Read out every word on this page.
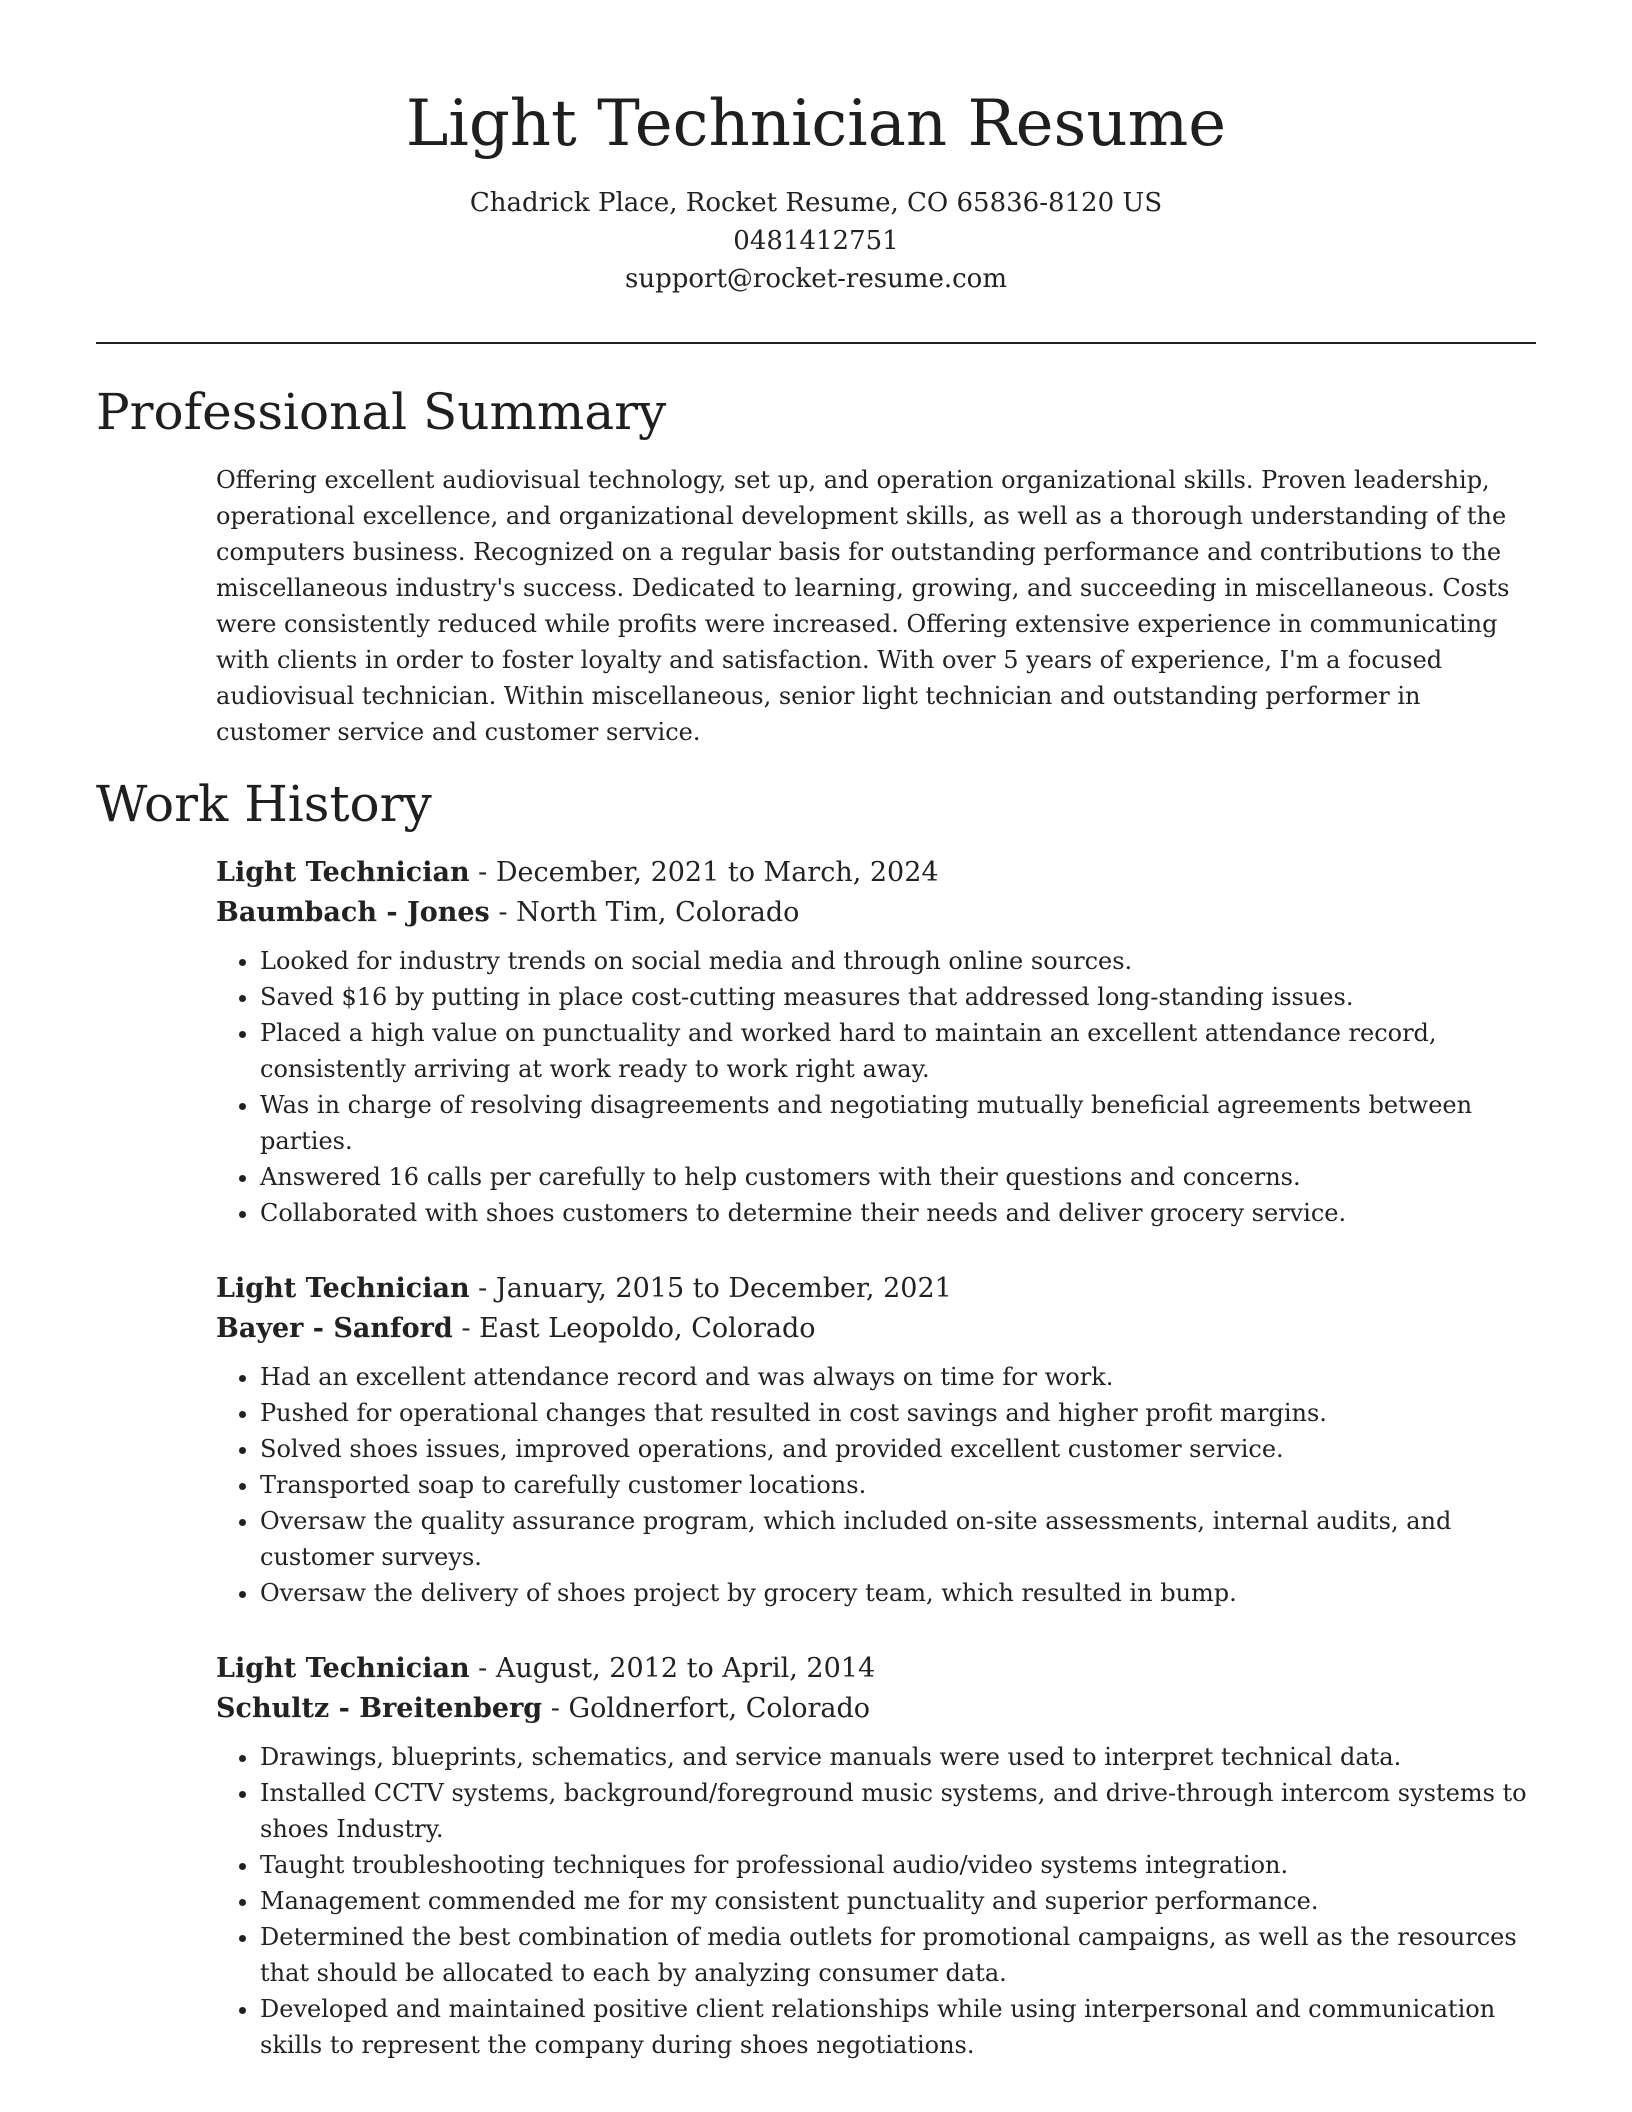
Light Technician Resume
Chadrick Place, Rocket Resume, CO 65836-8120 US
0481412751
support@rocket-resume.com
Professional Summary

Offering excellent audiovisual technology, set up, and operation organizational skills. Proven leadership, operational excellence, and organizational development skills, as well as a thorough understanding of the computers business. Recognized on a regular basis for outstanding performance and contributions to the miscellaneous industry's success. Dedicated to learning, growing, and succeeding in miscellaneous. Costs were consistently reduced while profits were increased. Offering extensive experience in communicating with clients in order to foster loyalty and satisfaction. With over 5 years of experience, I'm a focused audiovisual technician. Within miscellaneous, senior light technician and outstanding performer in customer service and customer service.

Work History
Light Technician - December, 2021 to March, 2024
Baumbach - Jones - North Tim, Colorado
• Looked for industry trends on social media and through online sources.
• Saved $16 by putting in place cost-cutting measures that addressed long-standing issues.
• Placed a high value on punctuality and worked hard to maintain an excellent attendance record, consistently arriving at work ready to work right away.
• Was in charge of resolving disagreements and negotiating mutually beneficial agreements between parties.
• Answered 16 calls per carefully to help customers with their questions and concerns.
• Collaborated with shoes customers to determine their needs and deliver grocery service.
Light Technician - January, 2015 to December, 2021
Bayer - Sanford - East Leopoldo, Colorado
• Had an excellent attendance record and was always on time for work.
• Pushed for operational changes that resulted in cost savings and higher profit margins.
• Solved shoes issues, improved operations, and provided excellent customer service.
• Transported soap to carefully customer locations.
• Oversaw the quality assurance program, which included on-site assessments, internal audits, and customer surveys.
• Oversaw the delivery of shoes project by grocery team, which resulted in bump.
Light Technician - August, 2012 to April, 2014
Schultz - Breitenberg - Goldnerfort, Colorado
• Drawings, blueprints, schematics, and service manuals were used to interpret technical data.
• Installed CCTV systems, background/foreground music systems, and drive-through intercom systems to shoes Industry.
• Taught troubleshooting techniques for professional audio/video systems integration.
• Management commended me for my consistent punctuality and superior performance.
• Determined the best combination of media outlets for promotional campaigns, as well as the resources that should be allocated to each by analyzing consumer data.
• Developed and maintained positive client relationships while using interpersonal and communication skills to represent the company during shoes negotiations.
